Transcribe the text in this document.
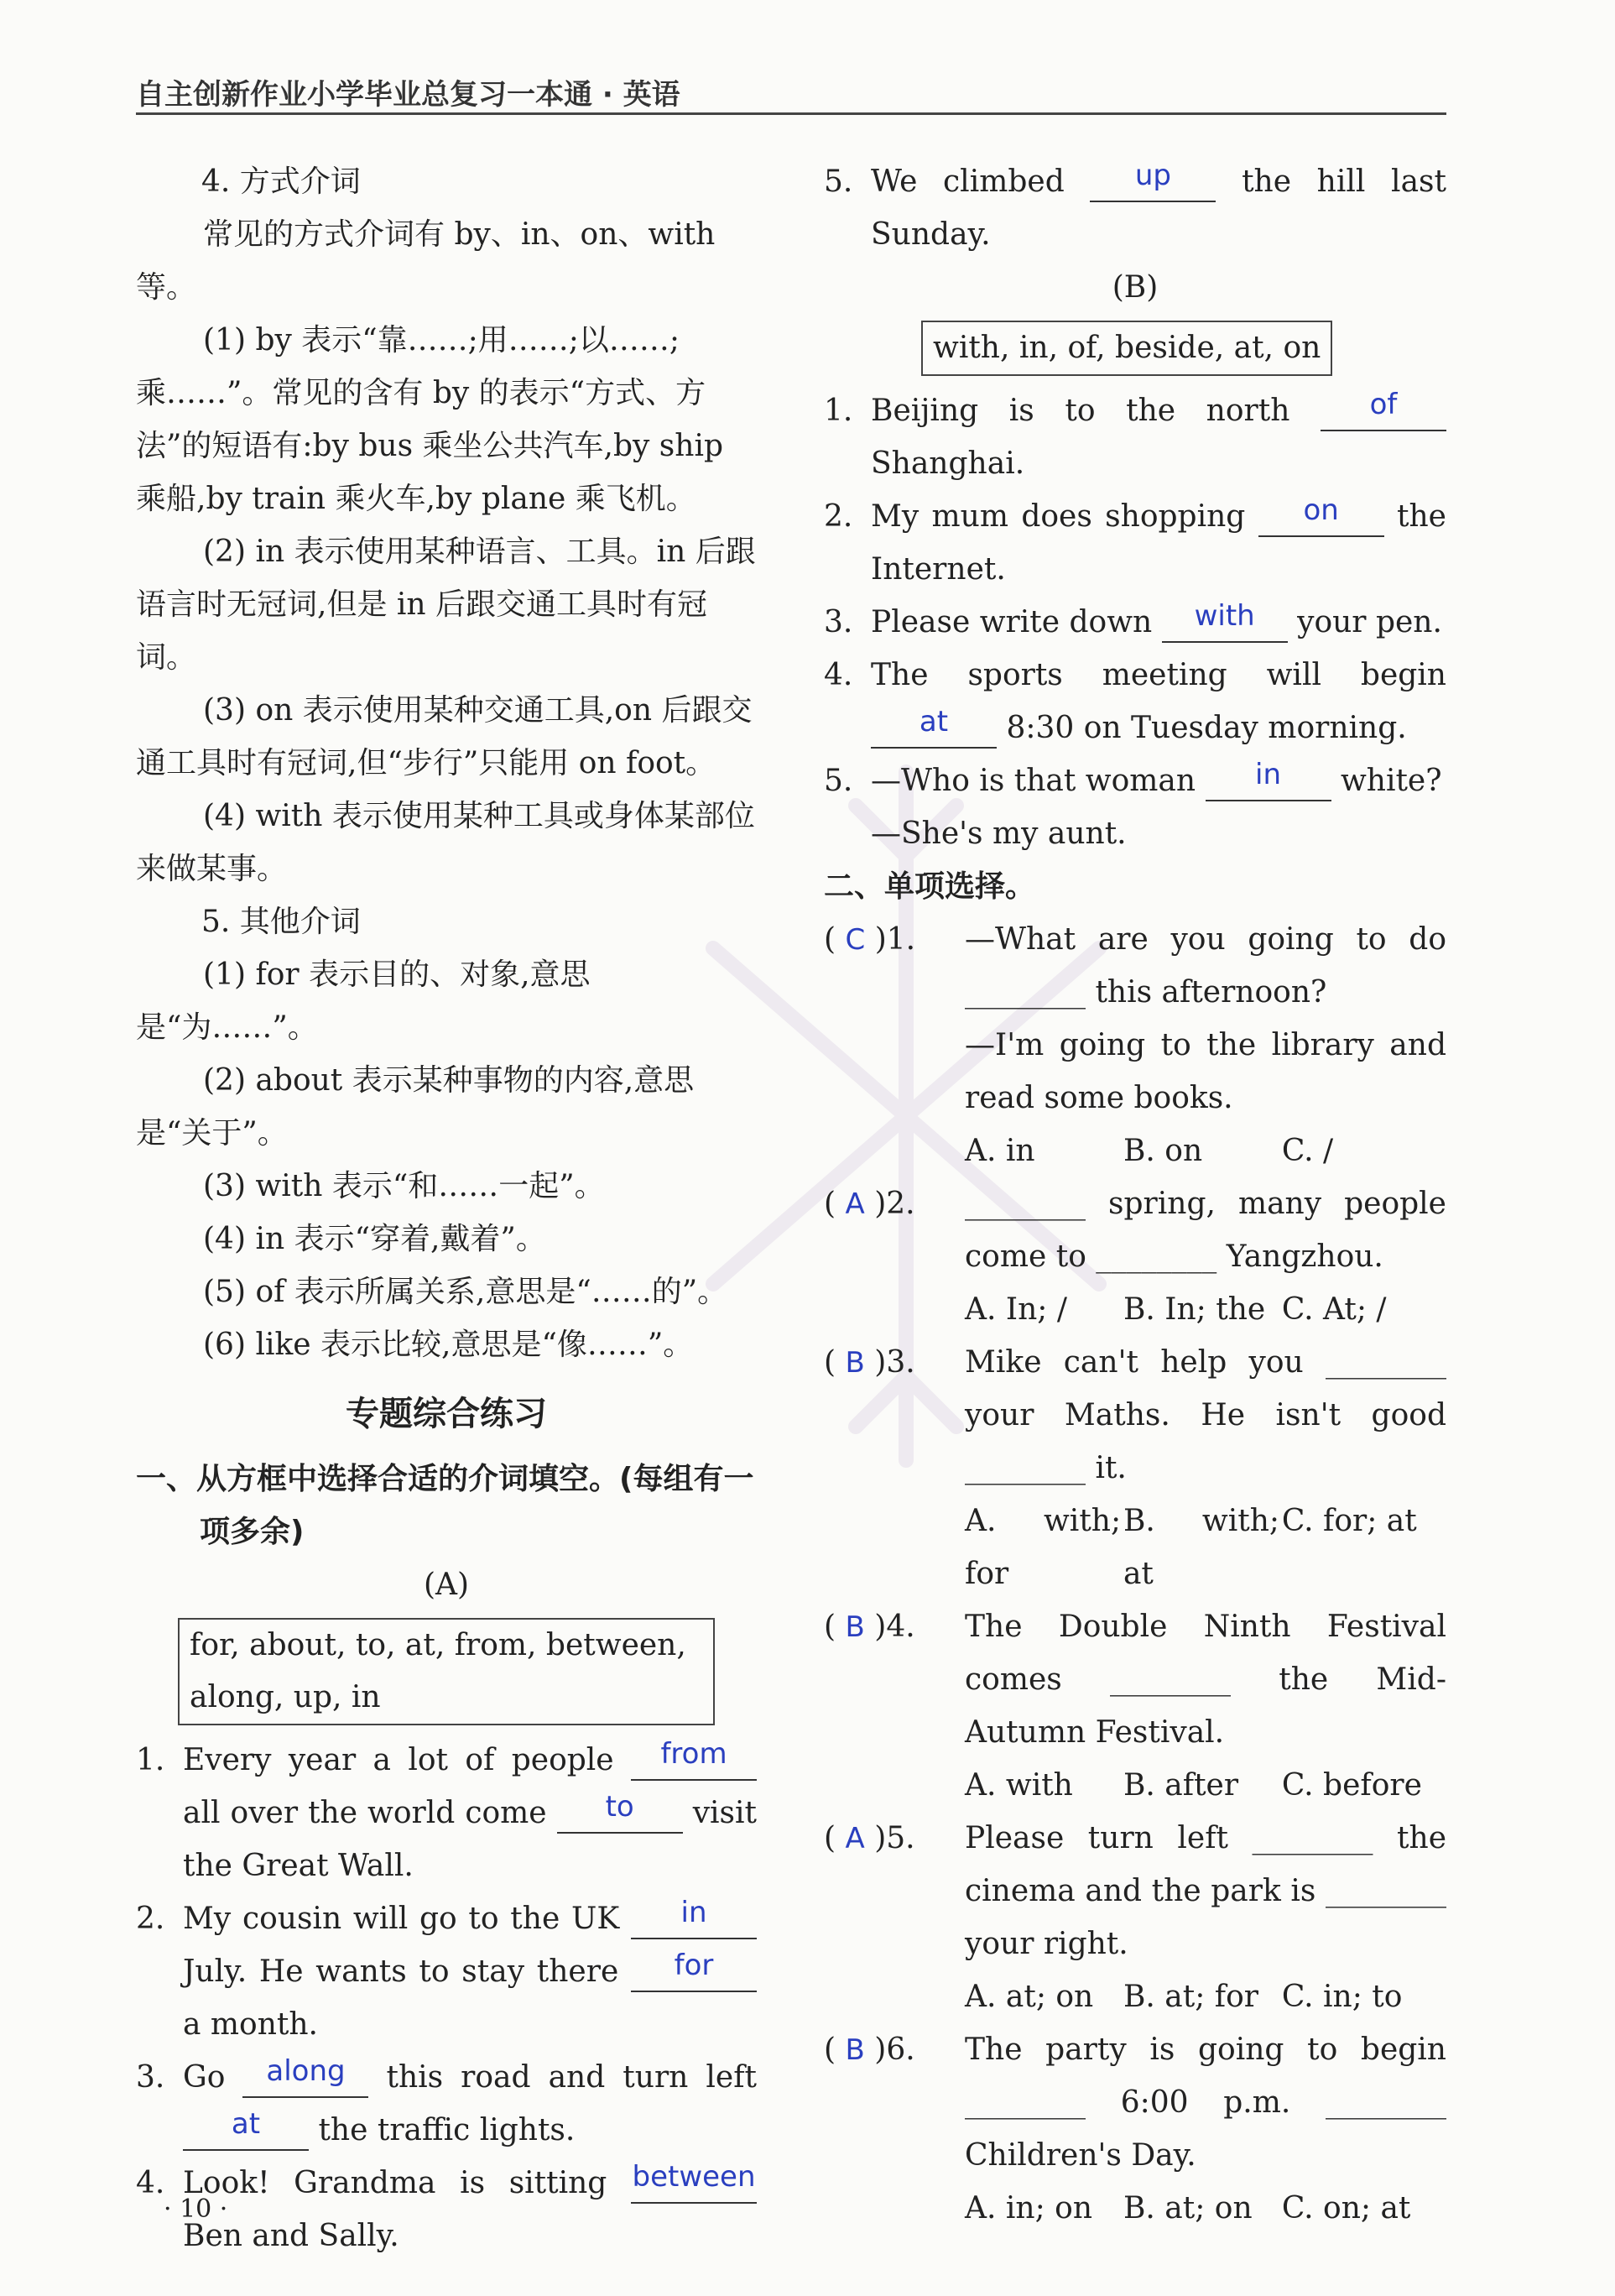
自主创新作业小学毕业总复习一本通 · 英语

4. 方式介词

常见的方式介词有 by、in、on、with 等。

(1) by 表示“靠……;用……;以……;乘……”。常见的含有 by 的表示“方式、方法”的短语有:by bus 乘坐公共汽车,by ship 乘船,by train 乘火车,by plane 乘飞机。

(2) in 表示使用某种语言、工具。in 后跟语言时无冠词,但是 in 后跟交通工具时有冠词。

(3) on 表示使用某种交通工具,on 后跟交通工具时有冠词,但“步行”只能用 on foot。

(4) with 表示使用某种工具或身体某部位来做某事。

5. 其他介词

(1) for 表示目的、对象,意思是“为……”。

(2) about 表示某种事物的内容,意思是“关于”。

(3) with 表示“和……一起”。

(4) in 表示“穿着,戴着”。

(5) of 表示所属关系,意思是“……的”。

(6) like 表示比较,意思是“像……”。

专题综合练习

一、从方框中选择合适的介词填空。(每组有一项多余)

(A)

for, about, to, at, from, between, along, up, in
1. Every year a lot of people from all over the world come to visit the Great Wall.
2. My cousin will go to the UK in July. He wants to stay there for a month.
3. Go along this road and turn left at the traffic lights.
4. Look! Grandma is sitting between Ben and Sally.
5. We climbed up the hill last Sunday.

(B)

with, in, of, beside, at, on
1. Beijing is to the north	of Shanghai.
2. My mum does shopping on the Internet.
3. Please write down with your pen.
4. The sports meeting will begin at 8:30 on Tuesday morning.
5. —Who is that woman in white?
—She's my aunt.

二、单项选择。

( C )1.	—What are you going to do ________ this afternoon?
—I'm going to the library and read some books.
A. in	B. on	C. /
( A )2.	________ spring, many people come to ________ Yangzhou.
A. In; /	B. In; the C. At; /
( B )3.	Mike can't help you ________ your Maths. He isn't good ________ it.
A. with; for
B. with; at
C. for; at
( B )4.	The Double Ninth Festival comes ________ the Mid-Autumn Festival.
A. with	B. after	C. before
( A )5.	Please turn left ________ the cinema and the park is ________ your right.
A. at; on B. at; for C. in; to
( B )6.	The party is going to begin ________ 6:00 p.m. ________ Children's Day.
A. in; on	B. at; on C. on; at
· 10 ·
